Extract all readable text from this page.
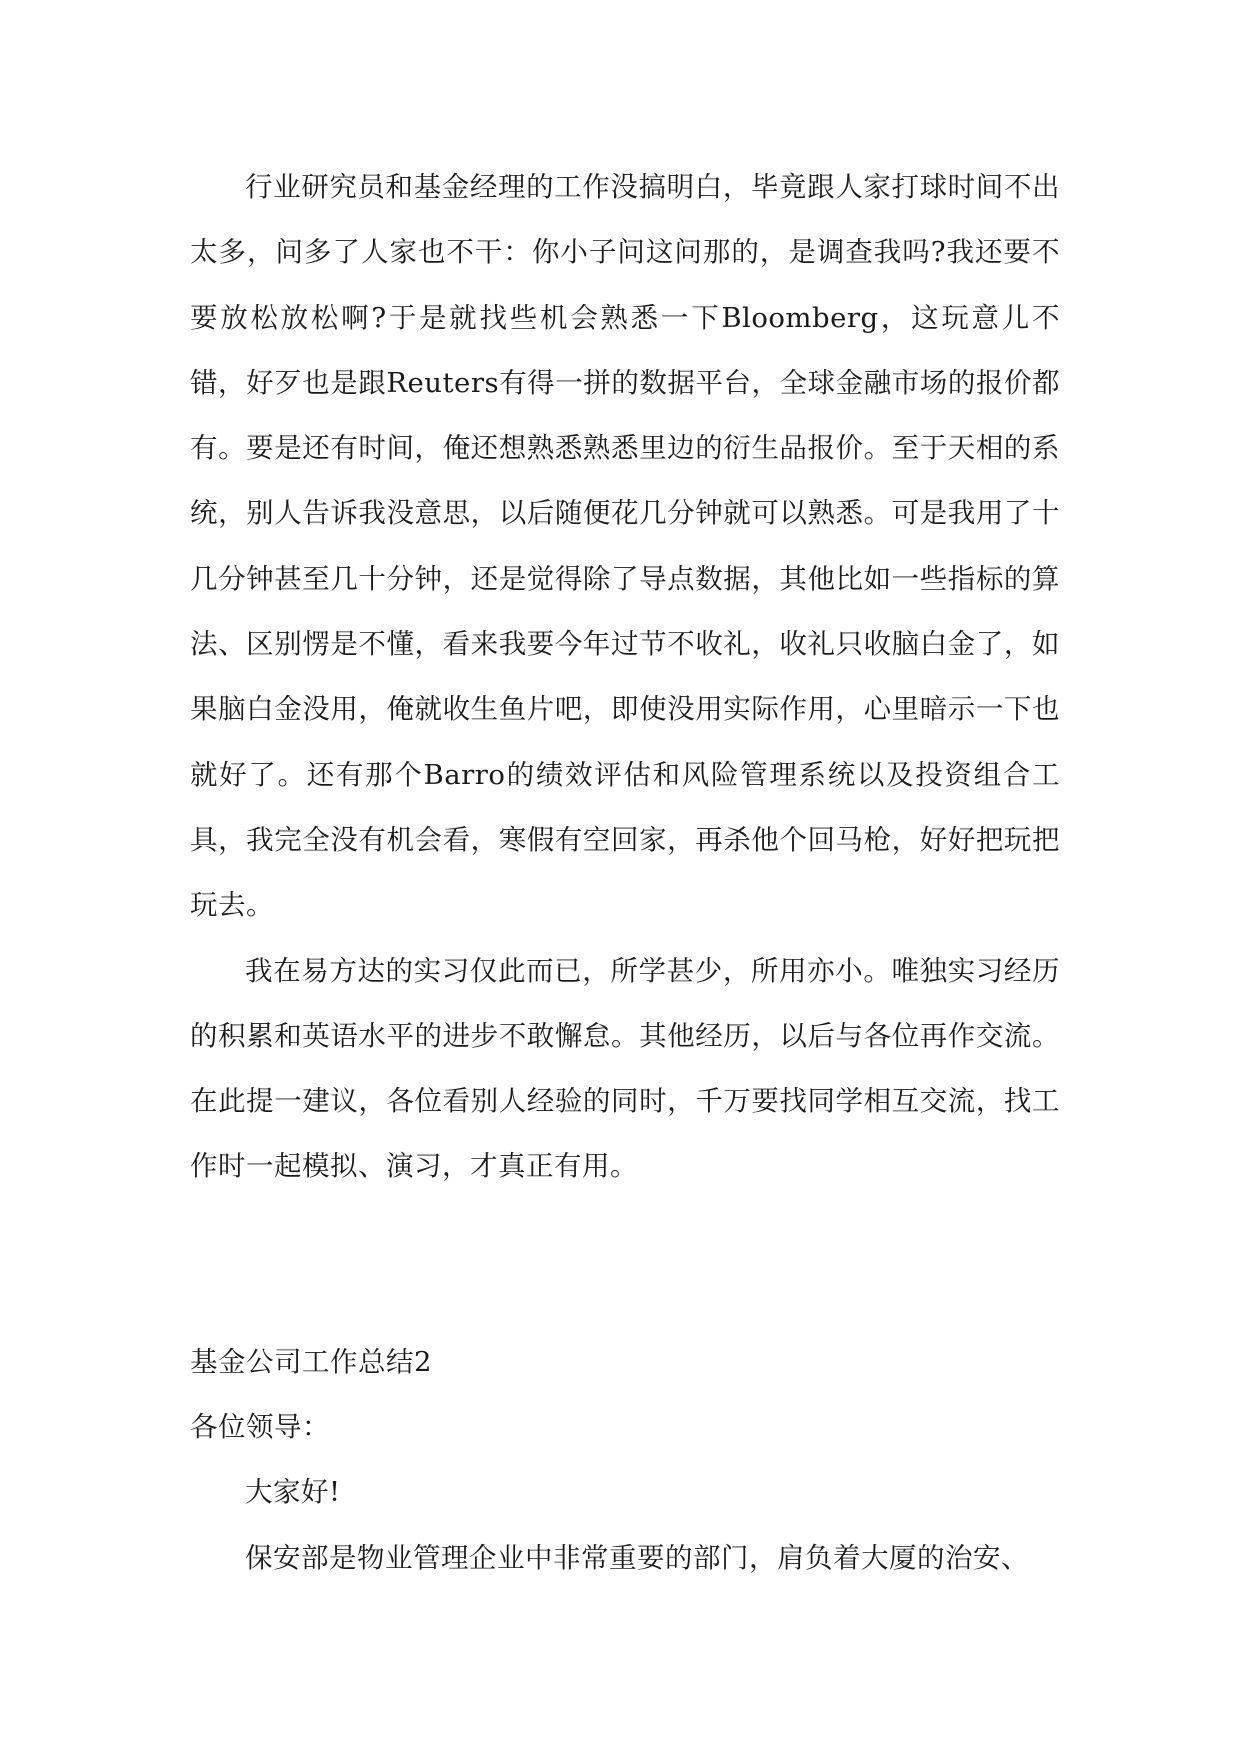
行业研究员和基金经理的工作没搞明白，毕竟跟人家打球时间不出太多，问多了人家也不干：你小子问这问那的，是调查我吗?我还要不要放松放松啊?于是就找些机会熟悉一下Bloomberg，这玩意儿不错，好歹也是跟Reuters有得一拼的数据平台，全球金融市场的报价都有。要是还有时间，俺还想熟悉熟悉里边的衍生品报价。至于天相的系统，别人告诉我没意思，以后随便花几分钟就可以熟悉。可是我用了十几分钟甚至几十分钟，还是觉得除了导点数据，其他比如一些指标的算法、区别愣是不懂，看来我要今年过节不收礼，收礼只收脑白金了，如果脑白金没用，俺就收生鱼片吧，即使没用实际作用，心里暗示一下也就好了。还有那个Barro的绩效评估和风险管理系统以及投资组合工具，我完全没有机会看，寒假有空回家，再杀他个回马枪，好好把玩把玩去。

我在易方达的实习仅此而已，所学甚少，所用亦小。唯独实习经历的积累和英语水平的进步不敢懈怠。其他经历，以后与各位再作交流。在此提一建议，各位看别人经验的同时，千万要找同学相互交流，找工作时一起模拟、演习，才真正有用。

基金公司工作总结2

各位领导：

大家好!

保安部是物业管理企业中非常重要的部门，肩负着大厦的治安、
